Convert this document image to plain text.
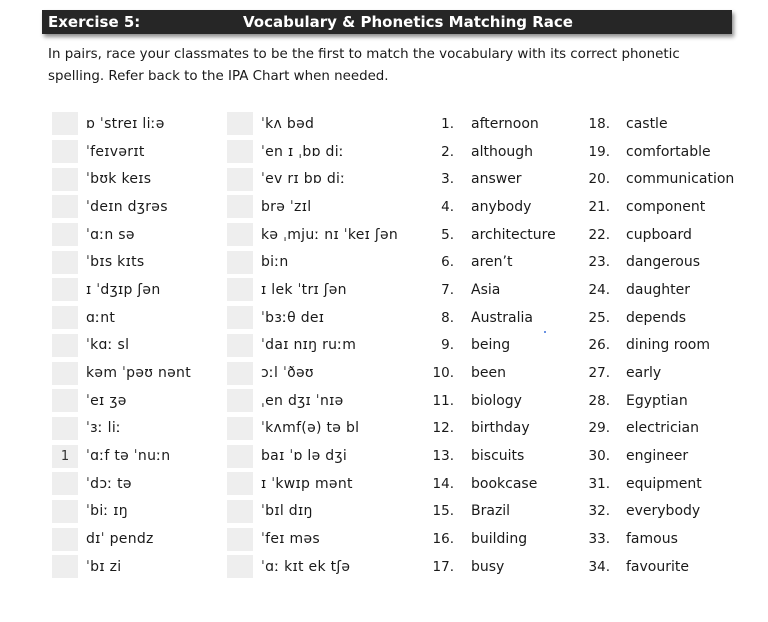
Exercise 5:	Vocabulary & Phonetics Matching Race
In pairs, race your classmates to be the first to match the vocabulary with its correct phonetic spelling. Refer back to the IPA Chart when needed.
ɒ ˈstreɪ liːə
ˈfeɪvərɪt
ˈbʊk keɪs
ˈdeɪn dʒrəs
ˈɑːn sə
ˈbɪs kɪts
ɪ ˈdʒɪp ʃən
ɑːnt
ˈkɑː sl
kəm ˈpəʊ nənt
ˈeɪ ʒə
ˈɜː liː
1	ˈɑːf tə ˈnuːn
ˈdɔː tə
ˈbiː ɪŋ
dɪˈ pendz
ˈbɪ zi
ˈkʌ bəd
ˈen ɪ ˌbɒ diː
ˈev rɪ bɒ diː
brə ˈzɪl
kə ˌmjuː nɪ ˈkeɪ ʃən
biːn
ɪ lek ˈtrɪ ʃən
ˈbɜːθ deɪ
ˈdaɪ nɪŋ ruːm
ɔːl ˈðəʊ
ˌen dʒɪ ˈnɪə
ˈkʌmf(ə) tə bl
baɪ ˈɒ lə dʒi
ɪ ˈkwɪp mənt
ˈbɪl dɪŋ
ˈfeɪ məs
ˈɑː kɪt ek tʃə
1. afternoon
2. although
3. answer
4. anybody
5. architecture
6. aren’t
7. Asia
8. Australia
9. being
10. been
11. biology
12. birthday
13. biscuits
14. bookcase
15. Brazil
16. building
17. busy
18. castle
19. comfortable
20. communication
21. component
22. cupboard
23. dangerous
24. daughter
25. depends
26. dining room
27. early
28. Egyptian
29. electrician
30. engineer
31. equipment
32. everybody
33. famous
34. favourite
